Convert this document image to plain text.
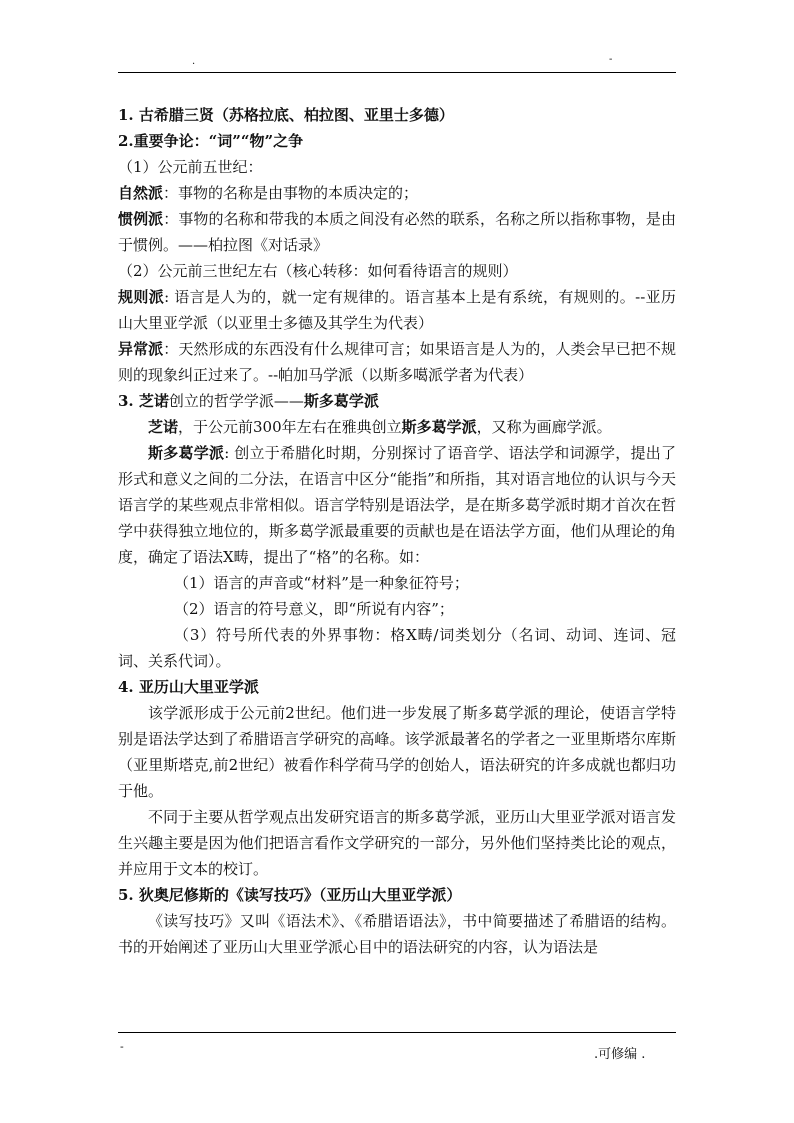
.	-

1. 古希腊三贤（苏格拉底、柏拉图、亚里士多德）

2.重要争论：“词”“物”之争

（1）公元前五世纪：

自然派：事物的名称是由事物的本质决定的；

惯例派：事物的名称和带我的本质之间没有必然的联系，名称之所以指称事物，是由于惯例。——柏拉图《对话录》

（2）公元前三世纪左右（核心转移：如何看待语言的规则）

规则派: 语言是人为的，就一定有规律的。语言基本上是有系统，有规则的。--亚历山大里亚学派（以亚里士多德及其学生为代表）

异常派：天然形成的东西没有什么规律可言；如果语言是人为的，人类会早已把不规则的现象纠正过来了。--帕加马学派（以斯多噶派学者为代表）

3. 芝诺创立的哲学学派——斯多葛学派

芝诺，于公元前300年左右在雅典创立斯多葛学派，又称为画廊学派。

斯多葛学派: 创立于希腊化时期，分别探讨了语音学、语法学和词源学，提出了形式和意义之间的二分法，在语言中区分“能指”和所指，其对语言地位的认识与今天语言学的某些观点非常相似。语言学特别是语法学，是在斯多葛学派时期才首次在哲学中获得独立地位的，斯多葛学派最重要的贡献也是在语法学方面，他们从理论的角度，确定了语法X畴，提出了“格”的名称。如：

（1）语言的声音或“材料”是一种象征符号；

（2）语言的符号意义，即“所说有内容”；

（3）符号所代表的外界事物：格X畴/词类划分（名词、动词、连词、冠词、关系代词）。

4. 亚历山大里亚学派

该学派形成于公元前2世纪。他们进一步发展了斯多葛学派的理论，使语言学特别是语法学达到了希腊语言学研究的高峰。该学派最著名的学者之一亚里斯塔尔库斯（亚里斯塔克,前2世纪）被看作科学荷马学的创始人，语法研究的许多成就也都归功于他。

不同于主要从哲学观点出发研究语言的斯多葛学派，亚历山大里亚学派对语言发生兴趣主要是因为他们把语言看作文学研究的一部分，另外他们坚持类比论的观点，并应用于文本的校订。

5. 狄奥尼修斯的《读写技巧》（亚历山大里亚学派）

《读写技巧》又叫《语法术》、《希腊语语法》，书中简要描述了希腊语的结构。书的开始阐述了亚历山大里亚学派心目中的语法研究的内容，认为语法是

-
.可修编 .
